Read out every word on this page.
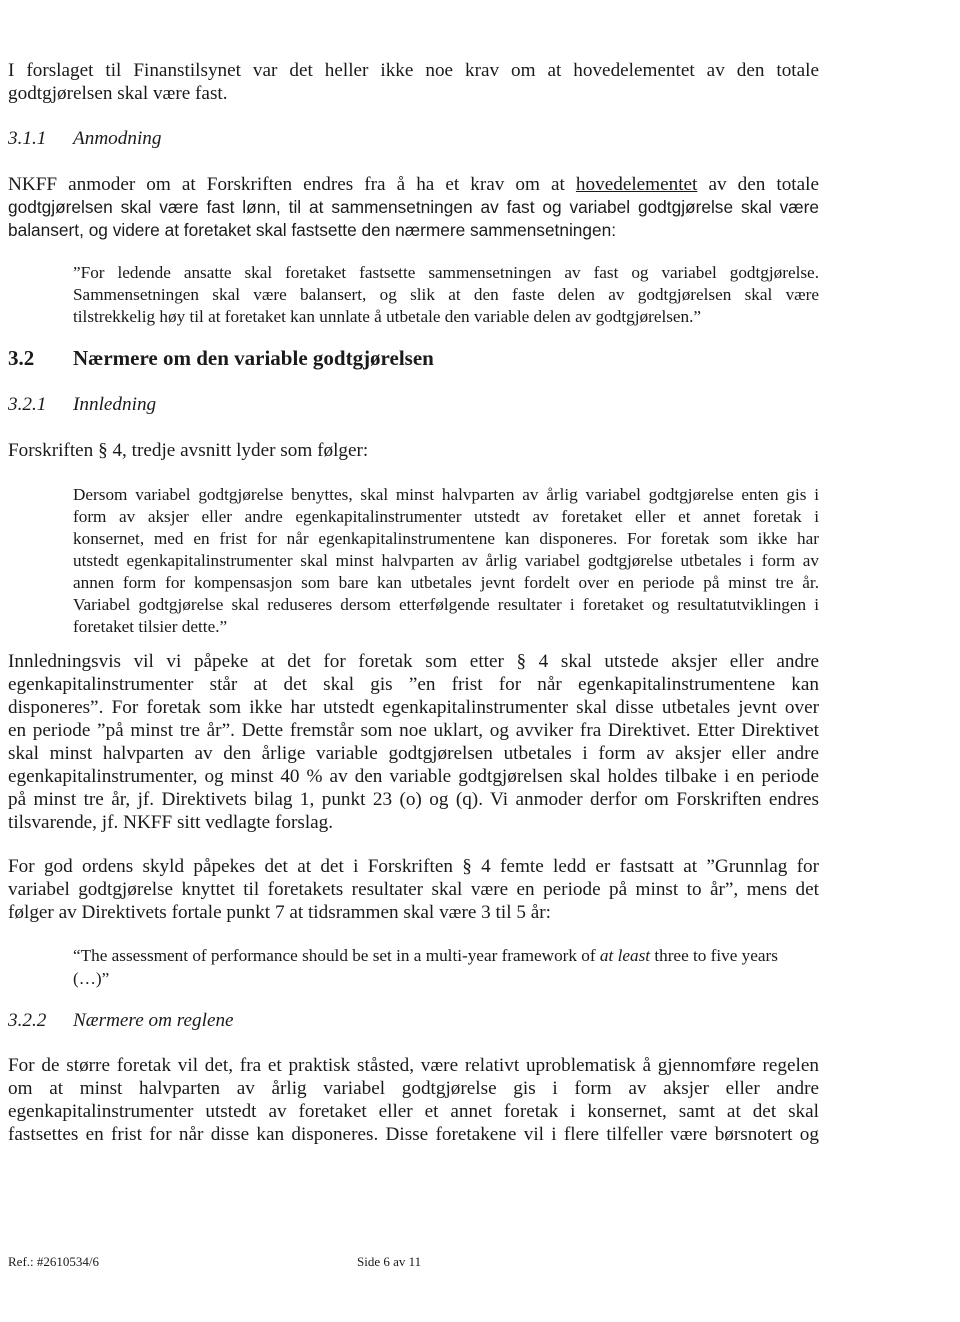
I forslaget til Finanstilsynet var det heller ikke noe krav om at hovedelementet av den totale
godtgjørelsen skal være fast.
3.1.1 Anmodning
NKFF anmoder om at Forskriften endres fra å ha et krav om at hovedelementet av den totale
godtgjørelsen skal være fast lønn, til at sammensetningen av fast og variabel godtgjørelse skal være
balansert, og videre at foretaket skal fastsette den nærmere sammensetningen:
”For ledende ansatte skal foretaket fastsette sammensetningen av fast og variabel godtgjørelse.
Sammensetningen skal være balansert, og slik at den faste delen av godtgjørelsen skal være
tilstrekkelig høy til at foretaket kan unnlate å utbetale den variable delen av godtgjørelsen.”
3.2 Nærmere om den variable godtgjørelsen
3.2.1 Innledning
Forskriften § 4, tredje avsnitt lyder som følger:
Dersom variabel godtgjørelse benyttes, skal minst halvparten av årlig variabel godtgjørelse enten gis i
form av aksjer eller andre egenkapitalinstrumenter utstedt av foretaket eller et annet foretak i
konsernet, med en frist for når egenkapitalinstrumentene kan disponeres. For foretak som ikke har
utstedt egenkapitalinstrumenter skal minst halvparten av årlig variabel godtgjørelse utbetales i form av
annen form for kompensasjon som bare kan utbetales jevnt fordelt over en periode på minst tre år.
Variabel godtgjørelse skal reduseres dersom etterfølgende resultater i foretaket og resultatutviklingen i
foretaket tilsier dette.”
Innledningsvis vil vi påpeke at det for foretak som etter § 4 skal utstede aksjer eller andre
egenkapitalinstrumenter står at det skal gis ”en frist for når egenkapitalinstrumentene kan
disponeres”. For foretak som ikke har utstedt egenkapitalinstrumenter skal disse utbetales jevnt over
en periode ”på minst tre år”. Dette fremstår som noe uklart, og avviker fra Direktivet. Etter Direktivet
skal minst halvparten av den årlige variable godtgjørelsen utbetales i form av aksjer eller andre
egenkapitalinstrumenter, og minst 40 % av den variable godtgjørelsen skal holdes tilbake i en periode
på minst tre år, jf. Direktivets bilag 1, punkt 23 (o) og (q). Vi anmoder derfor om Forskriften endres
tilsvarende, jf. NKFF sitt vedlagte forslag.
For god ordens skyld påpekes det at det i Forskriften § 4 femte ledd er fastsatt at ”Grunnlag for
variabel godtgjørelse knyttet til foretakets resultater skal være en periode på minst to år”, mens det
følger av Direktivets fortale punkt 7 at tidsrammen skal være 3 til 5 år:
“The assessment of performance should be set in a multi-year framework of at least three to five years
(…)”
3.2.2 Nærmere om reglene
For de større foretak vil det, fra et praktisk ståsted, være relativt uproblematisk å gjennomføre regelen
om at minst halvparten av årlig variabel godtgjørelse gis i form av aksjer eller andre
egenkapitalinstrumenter utstedt av foretaket eller et annet foretak i konsernet, samt at det skal
fastsettes en frist for når disse kan disponeres. Disse foretakene vil i flere tilfeller være børsnotert og
Ref.: #2610534/6	Side 6 av 11
